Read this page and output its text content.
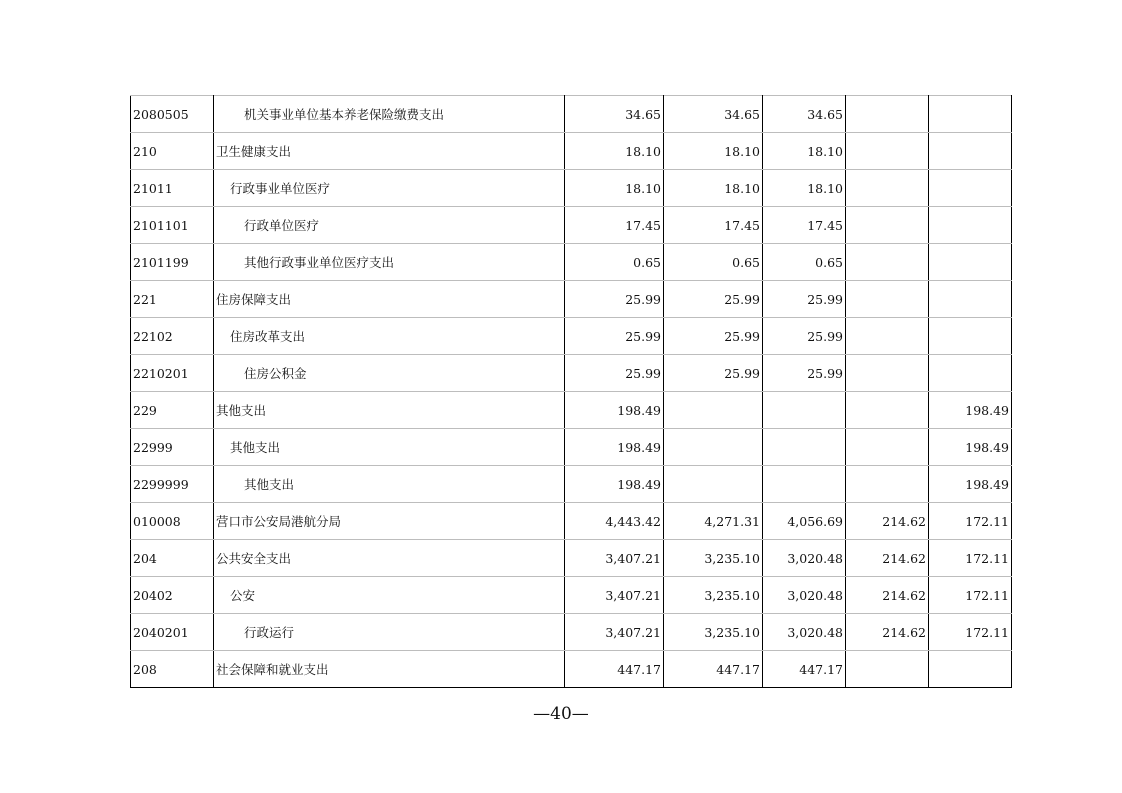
2080505	机关事业单位基本养老保险缴费支出	34.65	34.65	34.65		
210	卫生健康支出	18.10	18.10	18.10		
21011	行政事业单位医疗	18.10	18.10	18.10		
2101101	行政单位医疗	17.45	17.45	17.45		
2101199	其他行政事业单位医疗支出	0.65	0.65	0.65		
221	住房保障支出	25.99	25.99	25.99		
22102	住房改革支出	25.99	25.99	25.99		
2210201	住房公积金	25.99	25.99	25.99		
229	其他支出	198.49				198.49
22999	其他支出	198.49				198.49
2299999	其他支出	198.49				198.49
010008	营口市公安局港航分局	4,443.42	4,271.31	4,056.69	214.62	172.11
204	公共安全支出	3,407.21	3,235.10	3,020.48	214.62	172.11
20402	公安	3,407.21	3,235.10	3,020.48	214.62	172.11
2040201	行政运行	3,407.21	3,235.10	3,020.48	214.62	172.11
208	社会保障和就业支出	447.17	447.17	447.17		
—40—
